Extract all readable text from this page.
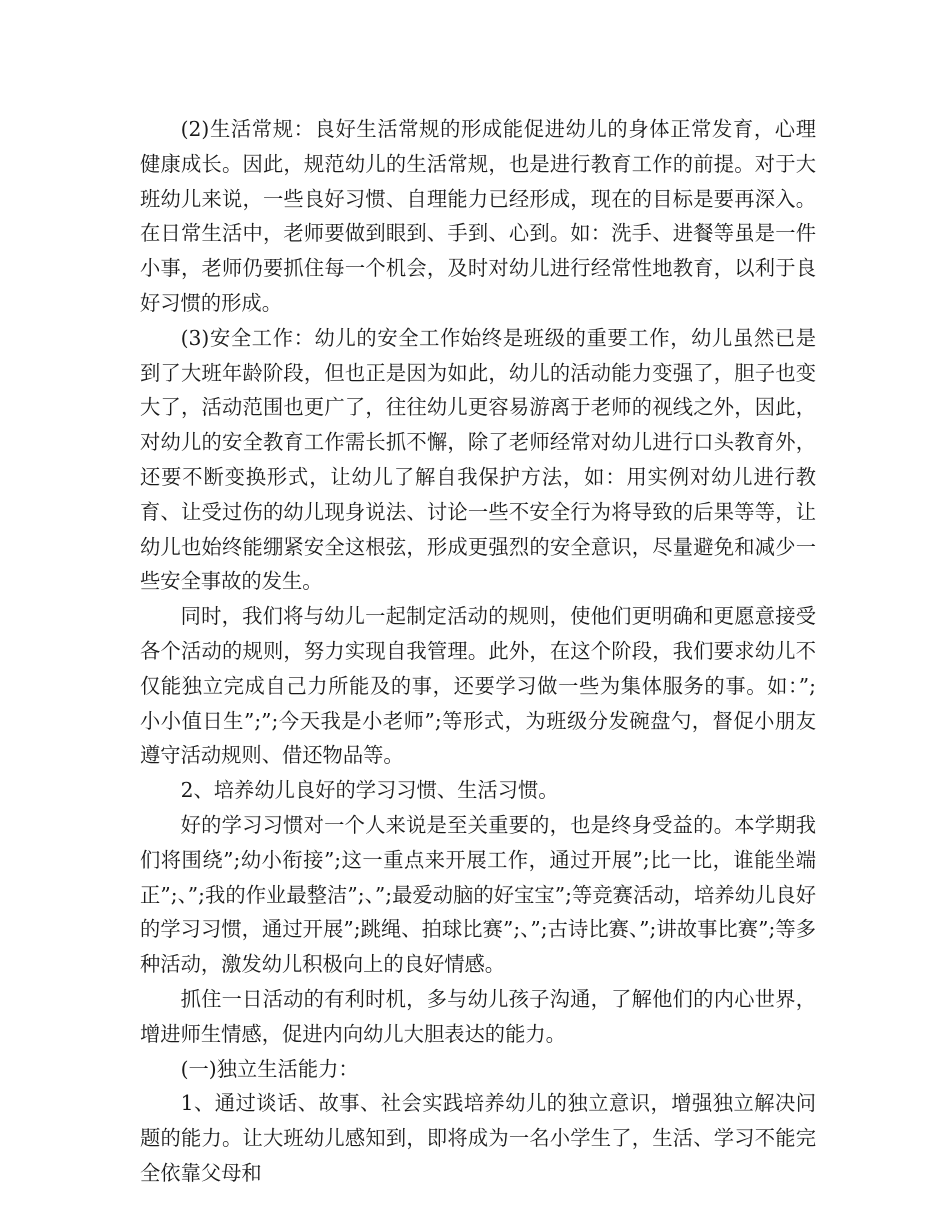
(2)生活常规：良好生活常规的形成能促进幼儿的身体正常发育，心理健康成长。因此，规范幼儿的生活常规，也是进行教育工作的前提。对于大班幼儿来说，一些良好习惯、自理能力已经形成，现在的目标是要再深入。在日常生活中，老师要做到眼到、手到、心到。如：洗手、进餐等虽是一件小事，老师仍要抓住每一个机会，及时对幼儿进行经常性地教育，以利于良好习惯的形成。

(3)安全工作：幼儿的安全工作始终是班级的重要工作，幼儿虽然已是到了大班年龄阶段，但也正是因为如此，幼儿的活动能力变强了，胆子也变大了，活动范围也更广了，往往幼儿更容易游离于老师的视线之外，因此，对幼儿的安全教育工作需长抓不懈，除了老师经常对幼儿进行口头教育外，还要不断变换形式，让幼儿了解自我保护方法，如：用实例对幼儿进行教育、让受过伤的幼儿现身说法、讨论一些不安全行为将导致的后果等等，让幼儿也始终能绷紧安全这根弦，形成更强烈的安全意识，尽量避免和减少一些安全事故的发生。

同时，我们将与幼儿一起制定活动的规则，使他们更明确和更愿意接受各个活动的规则，努力实现自我管理。此外，在这个阶段，我们要求幼儿不仅能独立完成自己力所能及的事，还要学习做一些为集体服务的事。如：”;小小值日生”;”;今天我是小老师”;等形式，为班级分发碗盘勺，督促小朋友遵守活动规则、借还物品等。

2、培养幼儿良好的学习习惯、生活习惯。

好的学习习惯对一个人来说是至关重要的，也是终身受益的。本学期我们将围绕”;幼小衔接”;这一重点来开展工作，通过开展”;比一比，谁能坐端正”;、”;我的作业最整洁”;、”;最爱动脑的好宝宝”;等竞赛活动，培养幼儿良好的学习习惯，通过开展”;跳绳、拍球比赛”;、”;古诗比赛、”;讲故事比赛”;等多种活动，激发幼儿积极向上的良好情感。

抓住一日活动的有利时机，多与幼儿孩子沟通，了解他们的内心世界，增进师生情感，促进内向幼儿大胆表达的能力。

(一)独立生活能力：

1、通过谈话、故事、社会实践培养幼儿的独立意识，增强独立解决问题的能力。让大班幼儿感知到，即将成为一名小学生了，生活、学习不能完全依靠父母和
